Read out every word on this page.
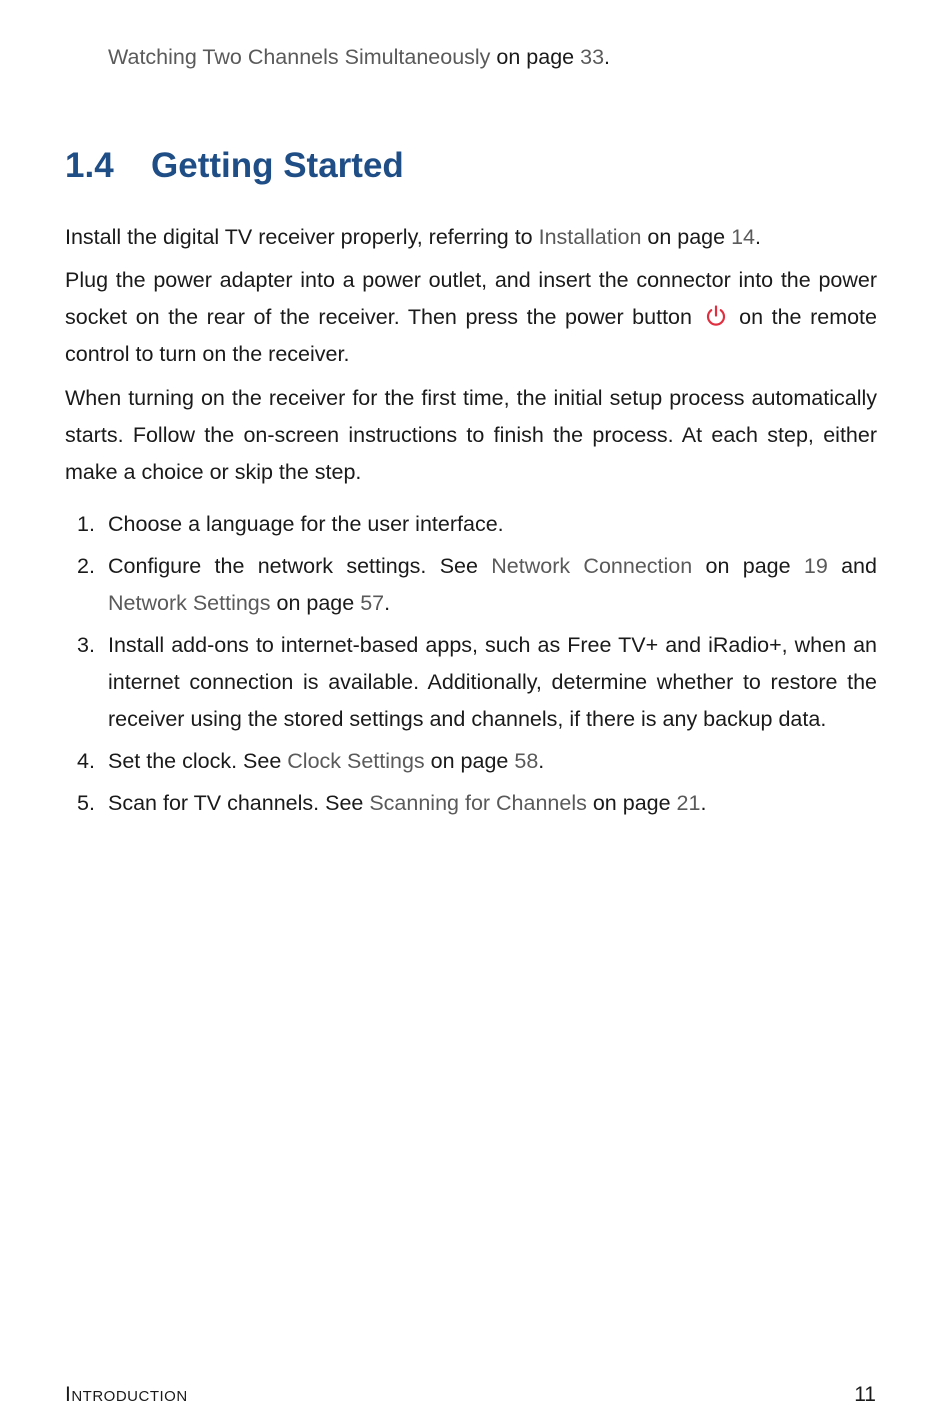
Watching Two Channels Simultaneously on page 33.

1.4 Getting Started

Install the digital TV receiver properly, referring to Installation on page 14.

Plug the power adapter into a power outlet, and insert the connector into the power socket on the rear of the receiver. Then press the power button on the remote control to turn on the receiver.

When turning on the receiver for the first time, the initial setup process automatically starts. Follow the on-screen instructions to finish the process. At each step, either make a choice or skip the step.

1. Choose a language for the user interface.
2. Configure the network settings. See Network Connection on page 19 and Network Settings on page 57.
3. Install add-ons to internet-based apps, such as Free TV+ and iRadio+, when an internet connection is available. Additionally, determine whether to restore the receiver using the stored settings and channels, if there is any backup data.
4. Set the clock. See Clock Settings on page 58.
5. Scan for TV channels. See Scanning for Channels on page 21.
Introduction	11
